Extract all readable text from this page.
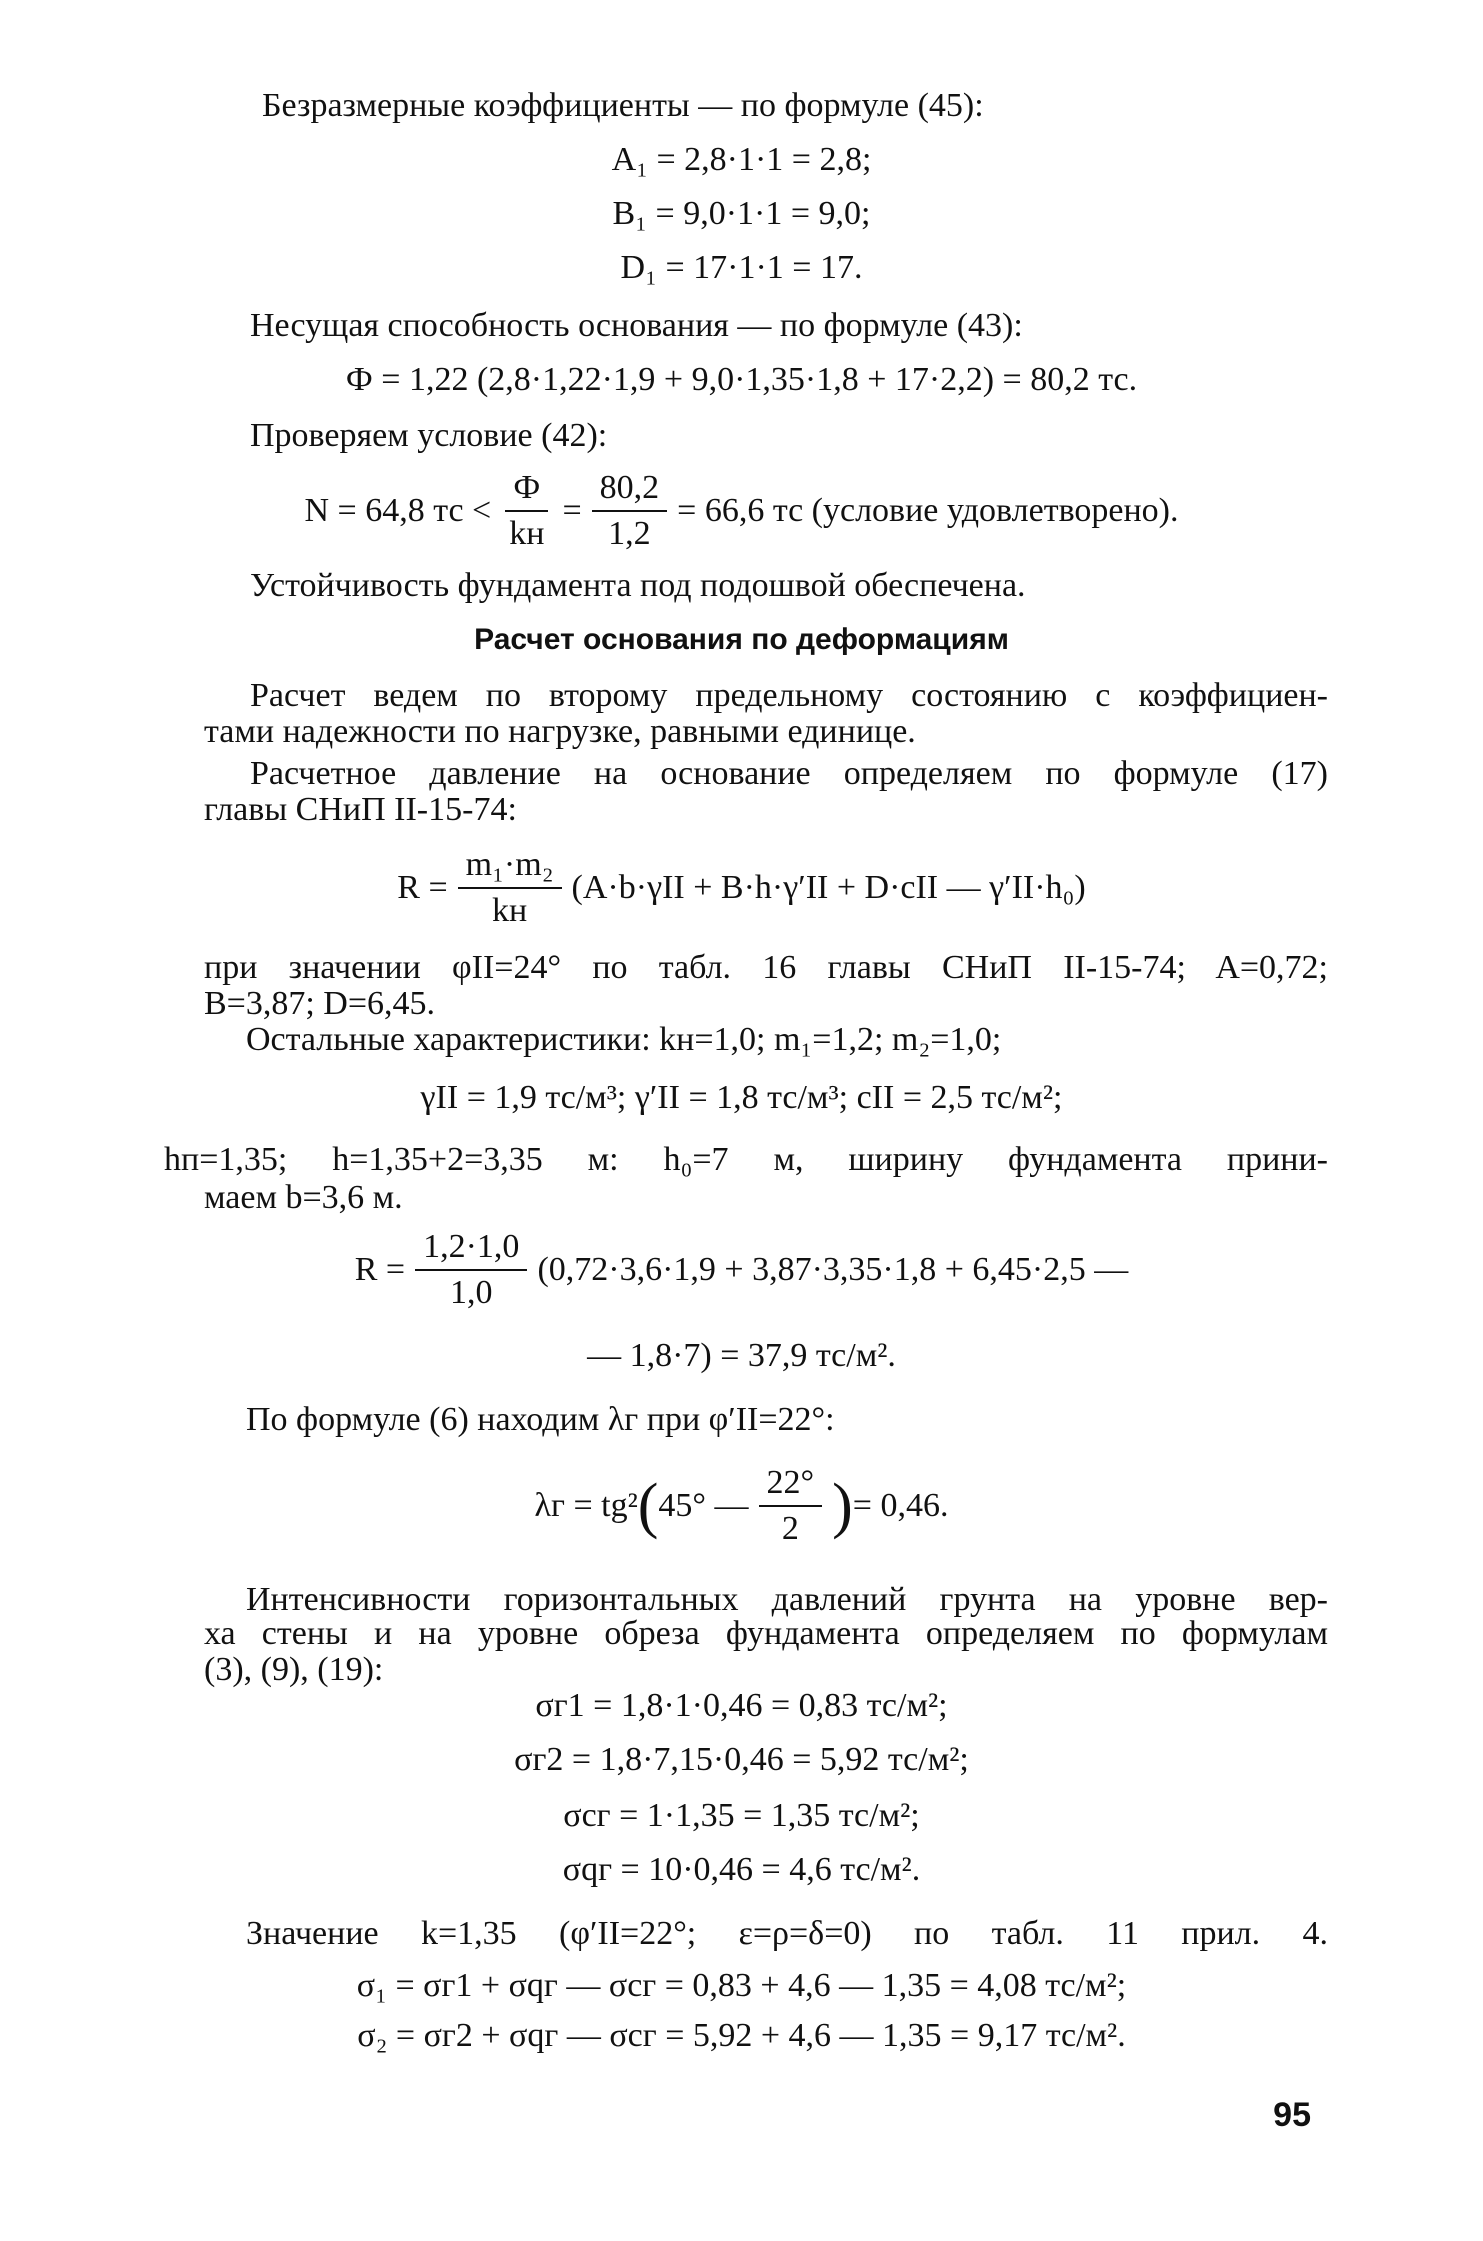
Безразмерные коэффициенты — по формуле (45):
A₁ = 2,8·1·1 = 2,8;
B₁ = 9,0·1·1 = 9,0;
D₁ = 17·1·1 = 17.
Несущая способность основания — по формуле (43):
Ф = 1,22 (2,8·1,22·1,9 + 9,0·1,35·1,8 + 17·2,2) = 80,2 тс.
Проверяем условие (42):
N = 64,8 тс < $\frac{Ф}{kн} = \frac{80,2}{1,2} = 66,6$ тс (условие удовлетворено).
Устойчивость фундамента под подошвой обеспечена.
Расчет основания по деформациям
Расчет ведем по второму предельному состоянию с коэффициен-
тами надежности по нагрузке, равными единице.
Расчетное давление на основание определяем по формуле (17)
главы СНиП II-15-74:
$R = \frac{\text{m₁·m₂}}{kн} (A\cdot b\cdot\gamma II + B\cdot h\cdot\gamma'II + D\cdot cII$ — γ′II·h₀)
при значении φII=24° по табл. 16 главы СНиП II-15-74; A=0,72;
B=3,87; D=6,45.
Остальные характеристики: kн=1,0; m₁=1,2; m₂=1,0;
γII = 1,9 тс/м³; γ′II = 1,8 тс/м³; cII = 2,5 тс/м²;
hп=1,35; h=1,35+2=3,35 м: h₀=7 м, ширину фундамента прини-
маем b=3,6 м.
$R = \frac{1,2\cdot 1,0}{1,0} (0,72\cdot 3,6\cdot 1,9 + 3,87\cdot 3,35\cdot 1,8 + 6,45\cdot 2,5$ —
— 1,8·7) = 37,9 тс/м².
По формуле (6) находим λг при φ′II=22°:
λг = tg² ( 45° — $\frac{22^\circ}{2}$ ) = 0,46.
Интенсивности горизонтальных давлений грунта на уровне вер-
ха стены и на уровне обреза фундамента определяем по формулам
(3), (9), (19):
σг1 = 1,8·1·0,46 = 0,83 тс/м²;
σг2 = 1,8·7,15·0,46 = 5,92 тс/м²;
σcг = 1·1,35 = 1,35 тс/м²;
σqг = 10·0,46 = 4,6 тс/м².
Значение k=1,35 (φ′II=22°; ε=ρ=δ=0) по табл. 11 прил. 4.
σ₁ = σг1 + σqг — σcг = 0,83 + 4,6 — 1,35 = 4,08 тс/м²;
σ₂ = σг2 + σqг — σcг = 5,92 + 4,6 — 1,35 = 9,17 тс/м².
95
